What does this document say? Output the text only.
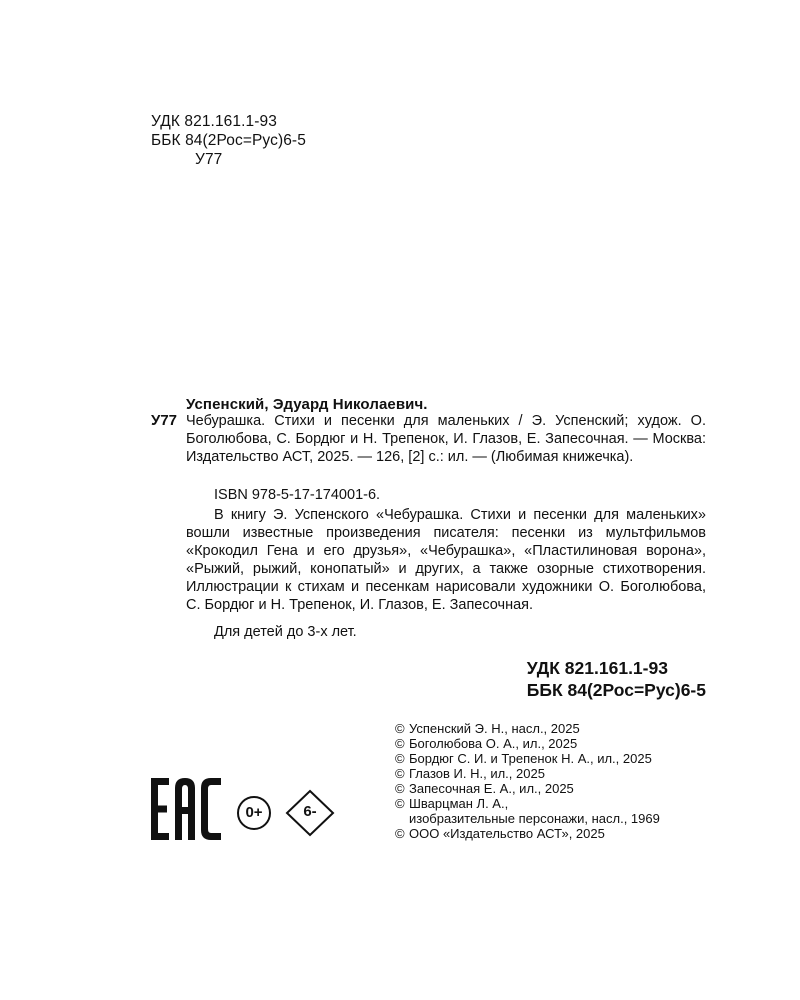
УДК 821.161.1-93
ББК 84(2Рос=Рус)6-5
У77
Успенский, Эдуард Николаевич.
У77 Чебурашка. Стихи и песенки для маленьких / Э. Успенский; худож. О. Боголюбова, С. Бордюг и Н. Трепенок, И. Глазов, Е. Запесочная. — Москва: Издательство АСТ, 2025. — 126, [2] с.: ил. — (Любимая книжечка).
ISBN 978-5-17-174001-6.

В книгу Э. Успенского «Чебурашка. Стихи и песенки для маленьких» вошли известные произведения писателя: песенки из мультфильмов «Крокодил Гена и его друзья», «Чебурашка», «Пластилиновая ворона», «Рыжий, рыжий, конопатый» и других, а также озорные стихотворения. Иллюстрации к стихам и песенкам нарисовали художники О. Боголюбова, С. Бордюг и Н. Трепенок, И. Глазов, Е. Запесочная.

Для детей до 3-х лет.
УДК 821.161.1-93
ББК 84(2Рос=Рус)6-5
© Успенский Э. Н., насл., 2025
© Боголюбова О. А., ил., 2025
© Бордюг С. И. и Трепенок Н. А., ил., 2025
© Глазов И. Н., ил., 2025
© Запесочная Е. А., ил., 2025
© Шварцман Л. А.,
изобразительные персонажи, насл., 1969
© ООО «Издательство АСТ», 2025
0+	6-
